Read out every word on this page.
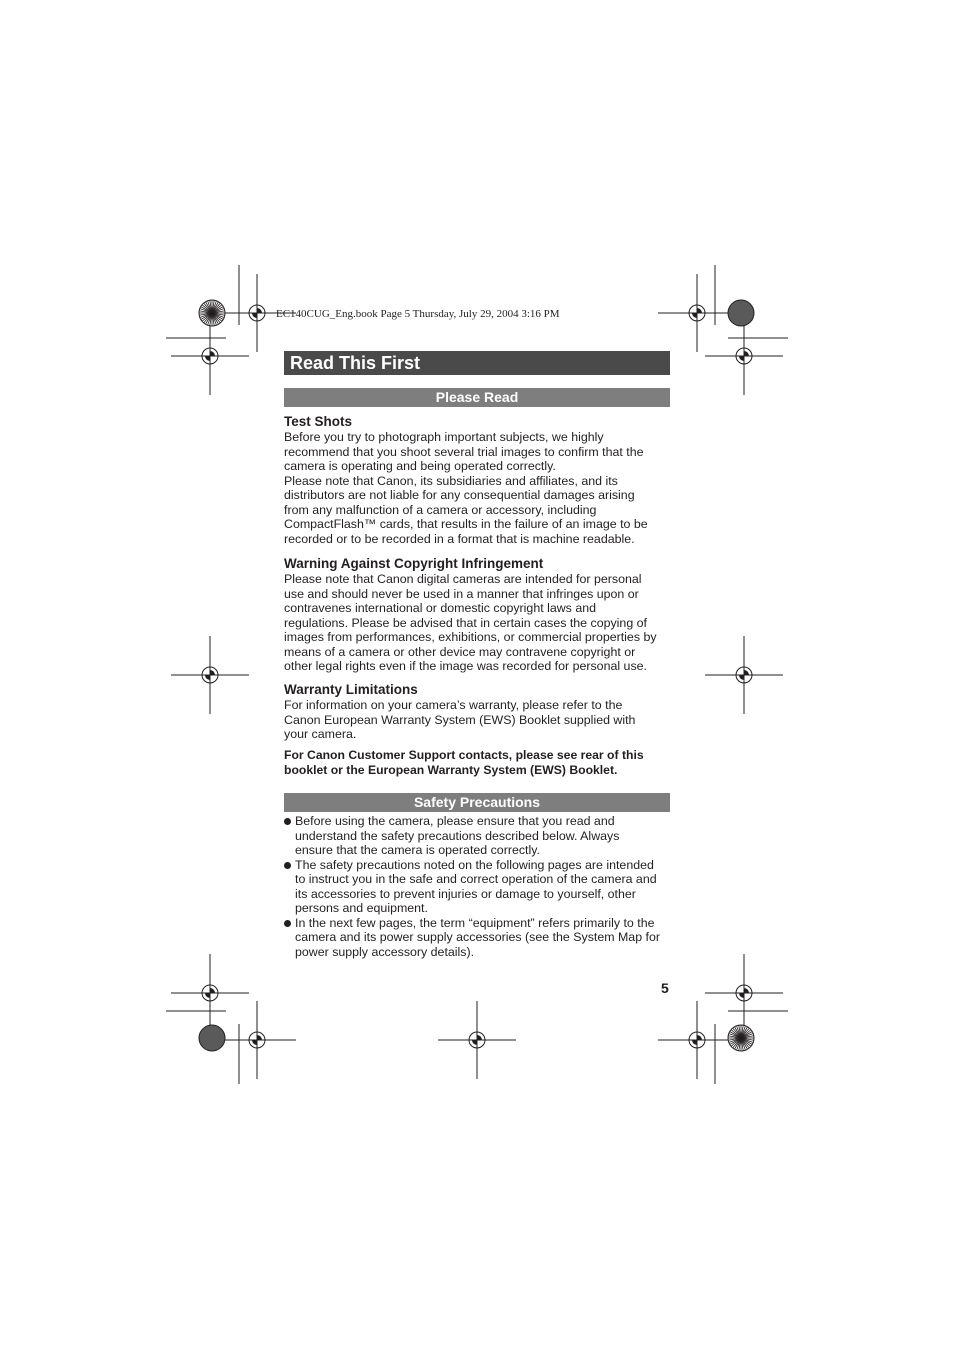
EC140CUG_Eng.book Page 5 Thursday, July 29, 2004 3:16 PM
Read This First
Please Read
Test Shots

Before you try to photograph important subjects, we highly

recommend that you shoot several trial images to confirm that the

camera is operating and being operated correctly.

Please note that Canon, its subsidiaries and affiliates, and its

distributors are not liable for any consequential damages arising

from any malfunction of a camera or accessory, including

CompactFlash™ cards, that results in the failure of an image to be

recorded or to be recorded in a format that is machine readable.

Warning Against Copyright Infringement

Please note that Canon digital cameras are intended for personal

use and should never be used in a manner that infringes upon or

contravenes international or domestic copyright laws and

regulations. Please be advised that in certain cases the copying of

images from performances, exhibitions, or commercial properties by

means of a camera or other device may contravene copyright or

other legal rights even if the image was recorded for personal use.

Warranty Limitations

For information on your camera’s warranty, please refer to the

Canon European Warranty System (EWS) Booklet supplied with

your camera.

For Canon Customer Support contacts, please see rear of this

booklet or the European Warranty System (EWS) Booklet.

Safety Precautions

Before using the camera, please ensure that you read and

understand the safety precautions described below. Always

ensure that the camera is operated correctly.

The safety precautions noted on the following pages are intended

to instruct you in the safe and correct operation of the camera and

its accessories to prevent injuries or damage to yourself, other

persons and equipment.

In the next few pages, the term “equipment” refers primarily to the

camera and its power supply accessories (see the System Map for

power supply accessory details).

5
